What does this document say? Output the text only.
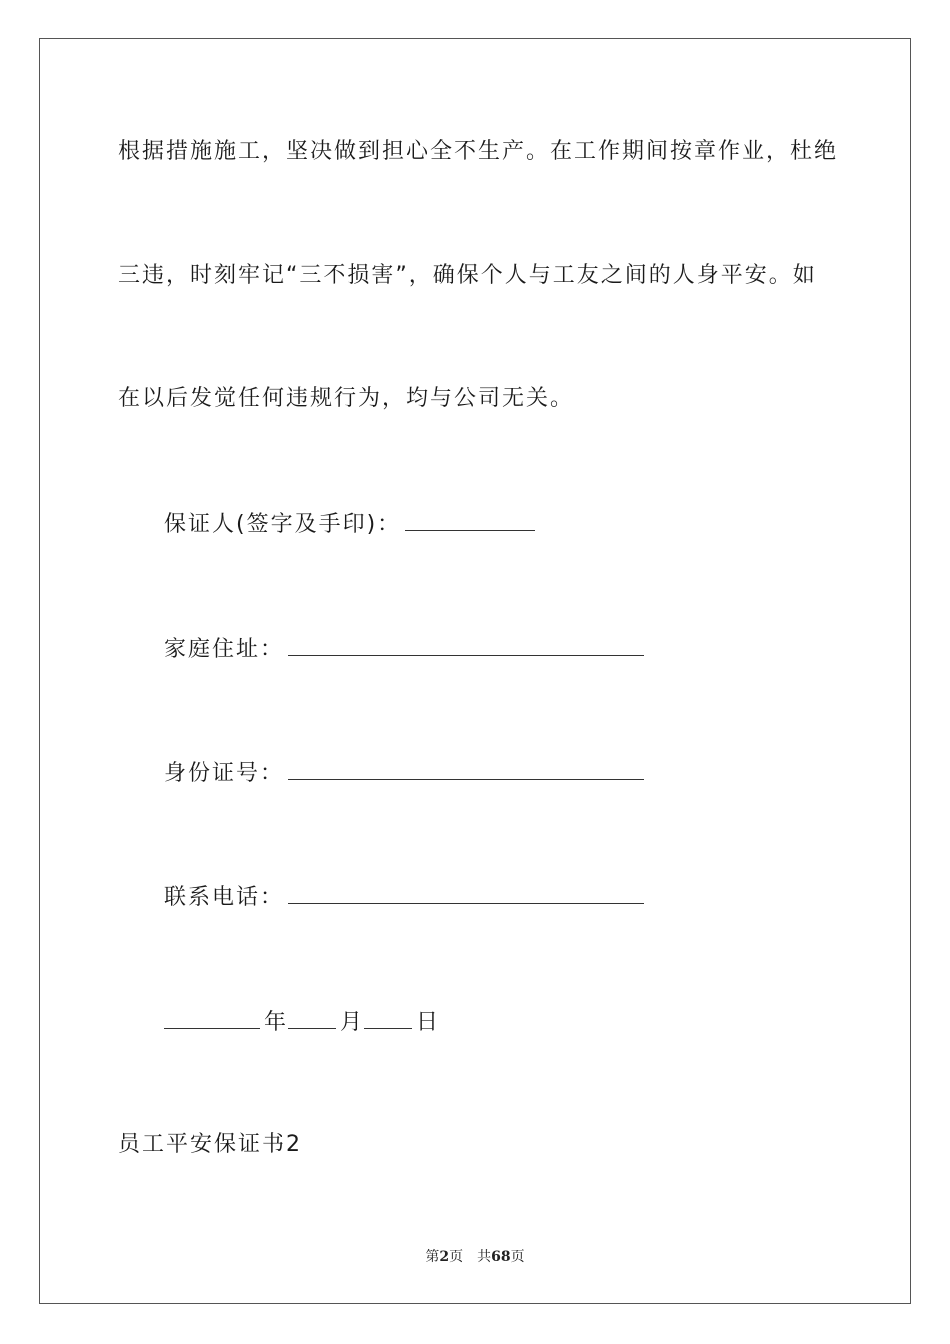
根据措施施工，坚决做到担心全不生产。在工作期间按章作业，杜绝
三违，时刻牢记“三不损害”，确保个人与工友之间的人身平安。如
在以后发觉任何违规行为，均与公司无关。
保证人(签字及手印)：
家庭住址：
身份证号：
联系电话：
年 月 日
员工平安保证书2
第2页 共68页
